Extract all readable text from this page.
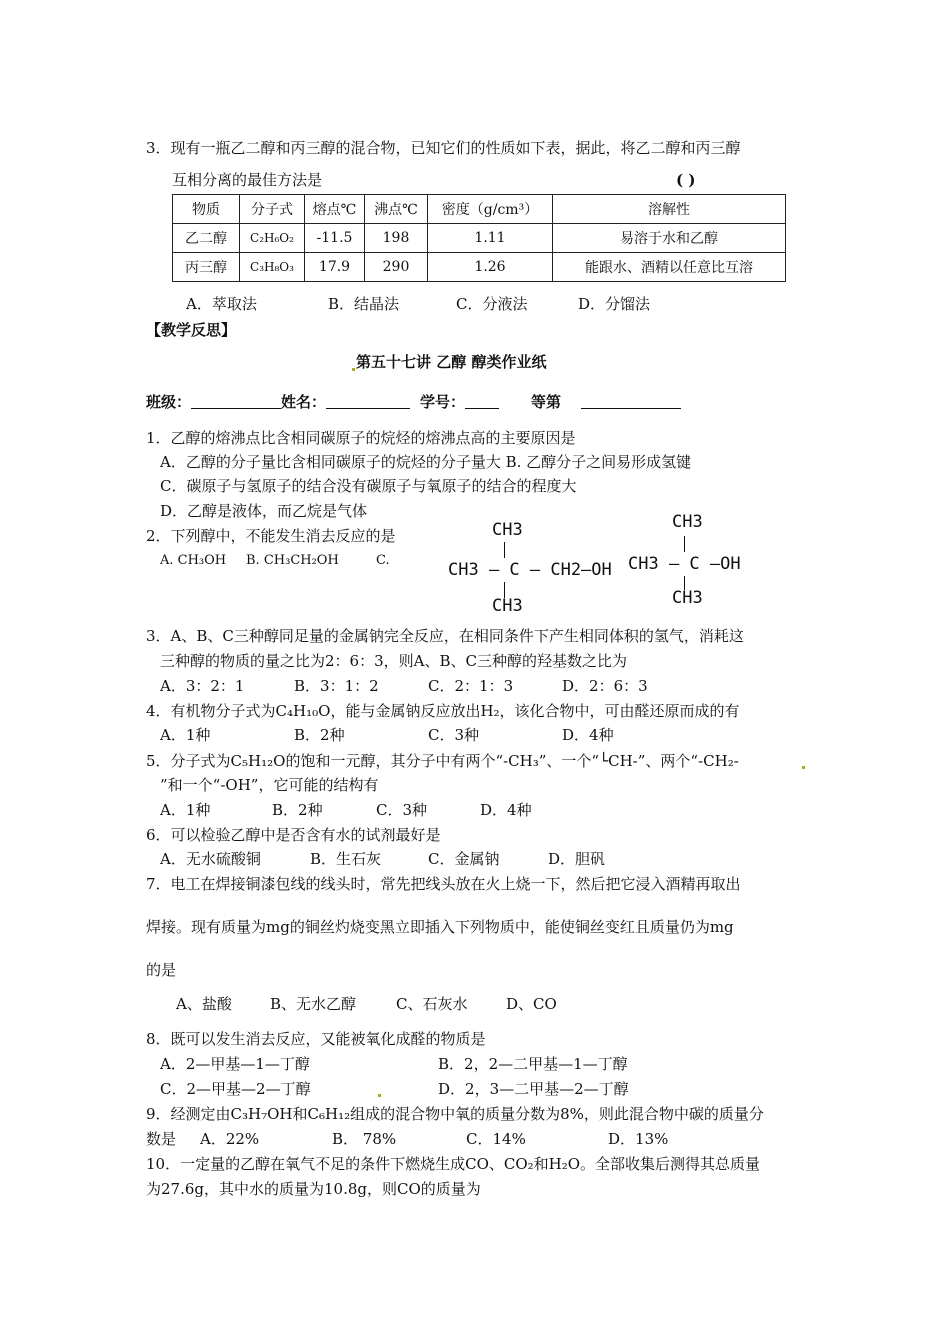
3．现有一瓶乙二醇和丙三醇的混合物，已知它们的性质如下表，据此，将乙二醇和丙三醇
互相分离的最佳方法是	( )
物质	分子式	熔点℃	沸点℃	密度（g/cm³）	溶解性
乙二醇	C₂H₆O₂	-11.5	198	1.11	易溶于水和乙醇
丙三醇	C₃H₈O₃	17.9	290	1.26	能跟水、酒精以任意比互溶
A．萃取法	B．结晶法	C．分液法	D．分馏法
【教学反思】
第五十七讲 乙醇 醇类作业纸
班级：	姓名：	学号：	等第
1．乙醇的熔沸点比含相同碳原子的烷烃的熔沸点高的主要原因是
A．乙醇的分子量比含相同碳原子的烷烃的分子量大 B. 乙醇分子之间易形成氢键
C．碳原子与氢原子的结合没有碳原子与氧原子的结合的程度大
D．乙醇是液体，而乙烷是气体
2．下列醇中，不能发生消去反应的是
A. CH₃OH B. CH₃CH₂OH	C.
CH3
CH3 — C — CH2—OH
CH3
CH3
CH3 — C —OH
CH3
3．A、B、C三种醇同足量的金属钠完全反应，在相同条件下产生相同体积的氢气，消耗这
三种醇的物质的量之比为2：6：3，则A、B、C三种醇的羟基数之比为
A．3：2：1	B．3：1：2	C．2：1：3	D．2：6：3
4．有机物分子式为C₄H₁₀O，能与金属钠反应放出H₂，该化合物中，可由醛还原而成的有
A．1种	B．2种	C．3种	D．4种
5．分子式为C₅H₁₂O的饱和一元醇，其分子中有两个“-CH₃”、一个“└CH-”、两个“-CH₂-
”和一个“-OH”，它可能的结构有
A．1种	B．2种	C．3种	D．4种
6．可以检验乙醇中是否含有水的试剂最好是
A．无水硫酸铜	B．生石灰	C．金属钠	D．胆矾
7．电工在焊接铜漆包线的线头时，常先把线头放在火上烧一下，然后把它浸入酒精再取出
焊接。现有质量为mg的铜丝灼烧变黑立即插入下列物质中，能使铜丝变红且质量仍为mg
的是
A、盐酸	B、无水乙醇	C、石灰水	D、CO
8．既可以发生消去反应，又能被氧化成醛的物质是
A．2—甲基—1—丁醇	B．2，2—二甲基—1—丁醇
C．2—甲基—2—丁醇	D．2，3—二甲基—2—丁醇
9．经测定由C₃H₇OH和C₆H₁₂组成的混合物中氧的质量分数为8%，则此混合物中碳的质量分
数是 A．22%	B． 78%	C．14%	D．13%
10．一定量的乙醇在氧气不足的条件下燃烧生成CO、CO₂和H₂O。全部收集后测得其总质量
为27.6g，其中水的质量为10.8g，则CO的质量为
